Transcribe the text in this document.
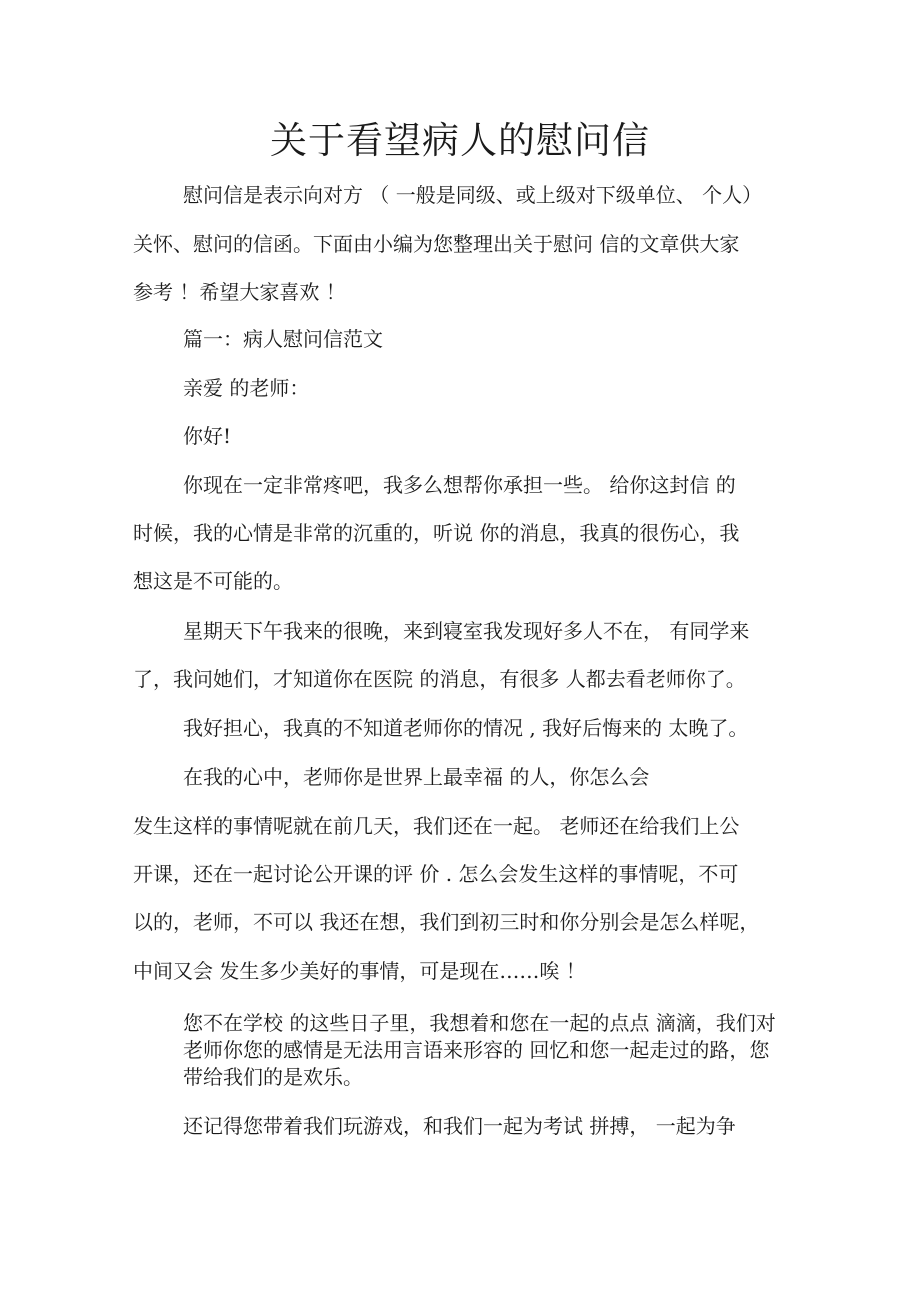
关于看望病人的慰问信

慰问信是表示向对方 （ 一般是同级、或上级对下级单位、 个人）

关怀、慰问的信函。下面由小编为您整理出关于慰问 信的文章供大家

参考 ！希望大家喜欢 ！

篇一：病人慰问信范文

亲爱 的老师：

你好!

你现在一定非常疼吧，我多么想帮你承担一些。 给你这封信 的

时候，我的心情是非常的沉重的，听说 你的消息，我真的很伤心，我

想这是不可能的。

星期天下午我来的很晚，来到寝室我发现好多人不在， 有同学来

了，我问她们，才知道你在医院 的消息，有很多 人都去看老师你了。

我好担心，我真的不知道老师你的情况 , 我好后悔来的 太晚了。

在我的心中，老师你是世界上最幸福 的人，你怎么会

发生这样的事情呢就在前几天，我们还在一起。 老师还在给我们上公

开课，还在一起讨论公开课的评 价 . 怎么会发生这样的事情呢，不可

以的，老师，不可以 我还在想，我们到初三时和你分别会是怎么样呢，

中间又会 发生多少美好的事情，可是现在……唉 ！

您不在学校 的这些日子里，我想着和您在一起的点点 滴滴，我们对老师你您的感情是无法用言语来形容的 回忆和您一起走过的路，您带给我们的是欢乐。

还记得您带着我们玩游戏，和我们一起为考试 拼搏， 一起为争
